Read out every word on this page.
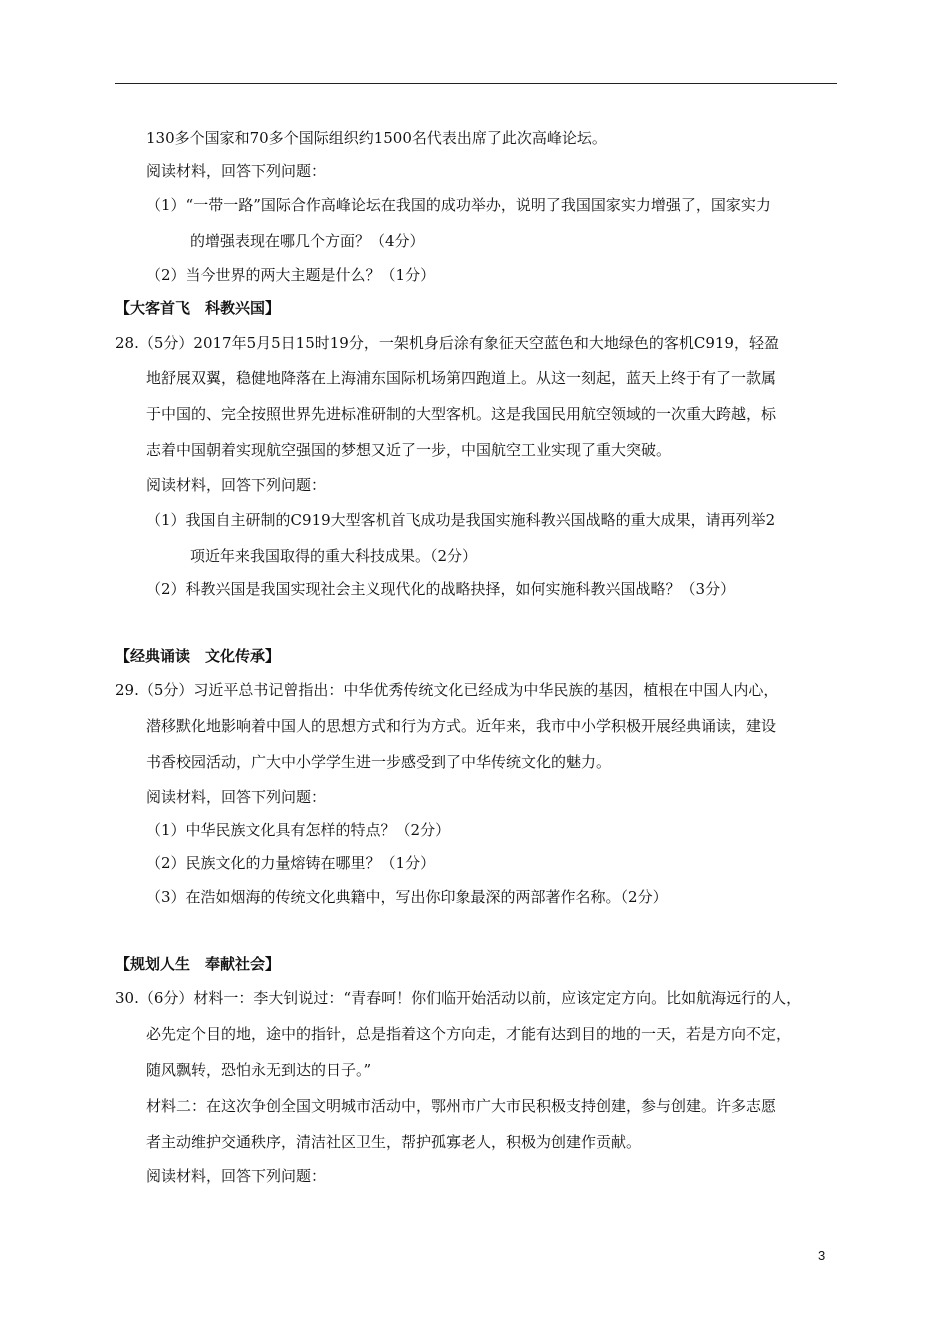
130多个国家和70多个国际组织约1500名代表出席了此次高峰论坛。
阅读材料，回答下列问题：
（1）“一带一路”国际合作高峰论坛在我国的成功举办，说明了我国国家实力增强了，国家实力
的增强表现在哪几个方面？（4分）
（2）当今世界的两大主题是什么？（1分）
【大客首飞　科教兴国】
28.（5分）2017年5月5日15时19分，一架机身后涂有象征天空蓝色和大地绿色的客机C919，轻盈
地舒展双翼，稳健地降落在上海浦东国际机场第四跑道上。从这一刻起，蓝天上终于有了一款属
于中国的、完全按照世界先进标准研制的大型客机。这是我国民用航空领域的一次重大跨越，标
志着中国朝着实现航空强国的梦想又近了一步，中国航空工业实现了重大突破。
阅读材料，回答下列问题：
（1）我国自主研制的C919大型客机首飞成功是我国实施科教兴国战略的重大成果，请再列举2
项近年来我国取得的重大科技成果。（2分）
（2）科教兴国是我国实现社会主义现代化的战略抉择，如何实施科教兴国战略？（3分）
【经典诵读　文化传承】
29.（5分）习近平总书记曾指出：中华优秀传统文化已经成为中华民族的基因，植根在中国人内心，
潜移默化地影响着中国人的思想方式和行为方式。近年来，我市中小学积极开展经典诵读，建设
书香校园活动，广大中小学学生进一步感受到了中华传统文化的魅力。
阅读材料，回答下列问题：
（1）中华民族文化具有怎样的特点？（2分）
（2）民族文化的力量熔铸在哪里？（1分）
（3）在浩如烟海的传统文化典籍中，写出你印象最深的两部著作名称。（2分）
【规划人生　奉献社会】
30.（6分）材料一：李大钊说过：“青春呵！你们临开始活动以前，应该定定方向。比如航海远行的人，
必先定个目的地，途中的指针，总是指着这个方向走，才能有达到目的地的一天，若是方向不定，
随风飘转，恐怕永无到达的日子。”
材料二：在这次争创全国文明城市活动中，鄂州市广大市民积极支持创建，参与创建。许多志愿
者主动维护交通秩序，清洁社区卫生，帮护孤寡老人，积极为创建作贡献。
阅读材料，回答下列问题：
3
